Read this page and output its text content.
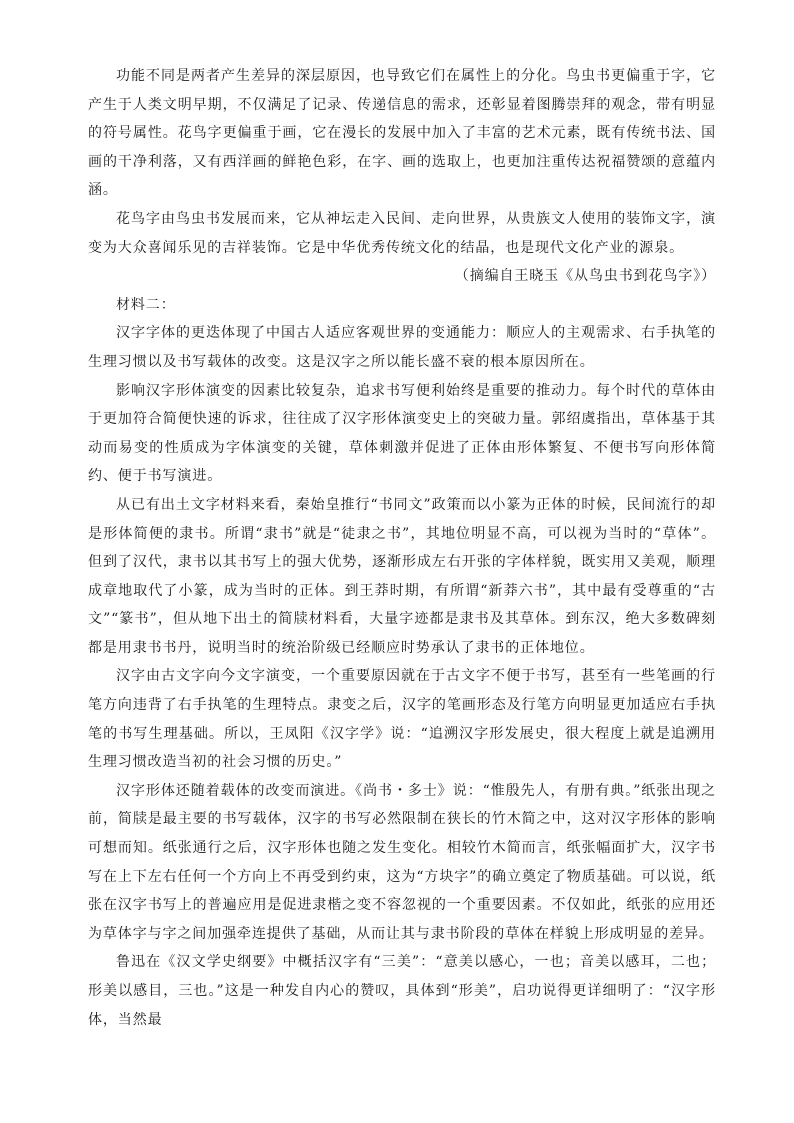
功能不同是两者产生差异的深层原因，也导致它们在属性上的分化。鸟虫书更偏重于字，它产生于人类文明早期，不仅满足了记录、传递信息的需求，还彰显着图腾崇拜的观念，带有明显的符号属性。花鸟字更偏重于画，它在漫长的发展中加入了丰富的艺术元素，既有传统书法、国画的干净利落，又有西洋画的鲜艳色彩，在字、画的选取上，也更加注重传达祝福赞颂的意蕴内涵。

花鸟字由鸟虫书发展而来，它从神坛走入民间、走向世界，从贵族文人使用的装饰文字，演变为大众喜闻乐见的吉祥装饰。它是中华优秀传统文化的结晶，也是现代文化产业的源泉。

（摘编自王晓玉《从鸟虫书到花鸟字》）

材料二：

汉字字体的更迭体现了中国古人适应客观世界的变通能力：顺应人的主观需求、右手执笔的生理习惯以及书写载体的改变。这是汉字之所以能长盛不衰的根本原因所在。

影响汉字形体演变的因素比较复杂，追求书写便利始终是重要的推动力。每个时代的草体由于更加符合简便快速的诉求，往往成了汉字形体演变史上的突破力量。郭绍虞指出，草体基于其动而易变的性质成为字体演变的关键，草体刺激并促进了正体由形体繁复、不便书写向形体简约、便于书写演进。

从已有出土文字材料来看，秦始皇推行“书同文”政策而以小篆为正体的时候，民间流行的却是形体简便的隶书。所谓“隶书”就是“徒隶之书”，其地位明显不高，可以视为当时的“草体”。但到了汉代，隶书以其书写上的强大优势，逐渐形成左右开张的字体样貌，既实用又美观，顺理成章地取代了小篆，成为当时的正体。到王莽时期，有所谓“新莽六书”，其中最有受尊重的“古文”“篆书”，但从地下出土的简牍材料看，大量字迹都是隶书及其草体。到东汉，绝大多数碑刻都是用隶书书丹，说明当时的统治阶级已经顺应时势承认了隶书的正体地位。

汉字由古文字向今文字演变，一个重要原因就在于古文字不便于书写，甚至有一些笔画的行笔方向违背了右手执笔的生理特点。隶变之后，汉字的笔画形态及行笔方向明显更加适应右手执笔的书写生理基础。所以，王凤阳《汉字学》说：“追溯汉字形发展史，很大程度上就是追溯用生理习惯改造当初的社会习惯的历史。”

汉字形体还随着载体的改变而演进。《尚书・多士》说：“惟殷先人，有册有典。”纸张出现之前，简牍是最主要的书写载体，汉字的书写必然限制在狭长的竹木简之中，这对汉字形体的影响可想而知。纸张通行之后，汉字形体也随之发生变化。相较竹木简而言，纸张幅面扩大，汉字书写在上下左右任何一个方向上不再受到约束，这为“方块字”的确立奠定了物质基础。可以说，纸张在汉字书写上的普遍应用是促进隶楷之变不容忽视的一个重要因素。不仅如此，纸张的应用还为草体字与字之间加强牵连提供了基础，从而让其与隶书阶段的草体在样貌上形成明显的差异。

鲁迅在《汉文学史纲要》中概括汉字有“三美”：“意美以感心，一也；音美以感耳，二也；形美以感目，三也。”这是一种发自内心的赞叹，具体到“形美”，启功说得更详细明了：“汉字形体，当然最
